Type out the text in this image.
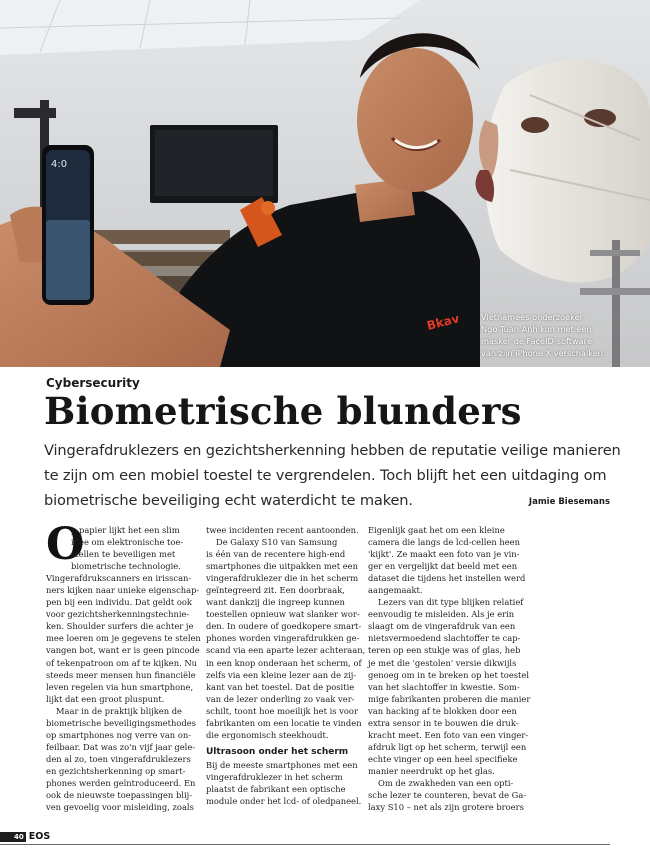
Bkav
4:0
Vietnamees onderzoeker
Ngo Tuan Anh kon met een
masker de FaceID-software
van zijn iPhone X verschalken.
Cybersecurity
Biometrische blunders
Vingerafdruklezers en gezichtsherkenning hebben de reputatie veilige manieren
te zijn om een mobiel toestel te vergrendelen. Toch blijft het een uitdaging om
biometrische beveiliging echt waterdicht te maken.	Jamie Biesemans
O
p papier lijkt het een slim
idee om elektronische toe-
stellen te beveiligen met
biometrische technologie.
Vingerafdrukscanners en irisscan-
ners kijken naar unieke eigenschap-
pen bij een individu. Dat geldt ook
voor gezichtsherkenningstechnie-
ken. Shoulder surfers die achter je
mee loeren om je gegevens te stelen
vangen bot, want er is geen pincode
of tekenpatroon om af te kijken. Nu
steeds meer mensen hun financiële
leven regelen via hun smartphone,
lijkt dat een groot pluspunt.
Maar in de praktijk blijken de
biometrische beveiligingsmethodes
op smartphones nog verre van on-
feilbaar. Dat was zo'n vijf jaar gele-
den al zo, toen vingerafdruklezers
en gezichtsherkenning op smart-
phones werden geïntroduceerd. En
ook de nieuwste toepassingen blij-
ven gevoelig voor misleiding, zoals
twee incidenten recent aantoonden.
De Galaxy S10 van Samsung
is één van de recentere high-end
smartphones die uitpakken met een
vingerafdruklezer die in het scherm
geïntegreerd zit. Een doorbraak,
want dankzij die ingreep kunnen
toestellen opnieuw wat slanker wor-
den. In oudere of goedkopere smart-
phones worden vingerafdrukken ge-
scand via een aparte lezer achteraan,
in een knop onderaan het scherm, of
zelfs via een kleine lezer aan de zij-
kant van het toestel. Dat de positie
van de lezer onderling zo vaak ver-
schilt, toont hoe moeilijk het is voor
fabrikanten om een locatie te vinden
die ergonomisch steekhoudt.
Ultrasoon onder het scherm
Bij de meeste smartphones met een
vingerafdruklezer in het scherm
plaatst de fabrikant een optische
module onder het lcd- of oledpaneel.
Eigenlijk gaat het om een kleine
camera die langs de lcd-cellen heen
'kijkt'. Ze maakt een foto van je vin-
ger en vergelijkt dat beeld met een
dataset die tijdens het instellen werd
aangemaakt.
Lezers van dit type blijken relatief
eenvoudig te misleiden. Als je erin
slaagt om de vingerafdruk van een
nietsvermoedend slachtoffer te cap-
teren op een stukje was of glas, heb
je met die 'gestolen' versie dikwijls
genoeg om in te breken op het toestel
van het slachtoffer in kwestie. Som-
mige fabrikanten proberen die manier
van hacking af te blokken door een
extra sensor in te bouwen die druk-
kracht meet. Een foto van een vinger-
afdruk ligt op het scherm, terwijl een
echte vinger op een heel specifieke
manier neerdrukt op het glas.
Om de zwakheden van een opti-
sche lezer te counteren, bevat de Ga-
laxy S10 – net als zijn grotere broers
40 EOS
